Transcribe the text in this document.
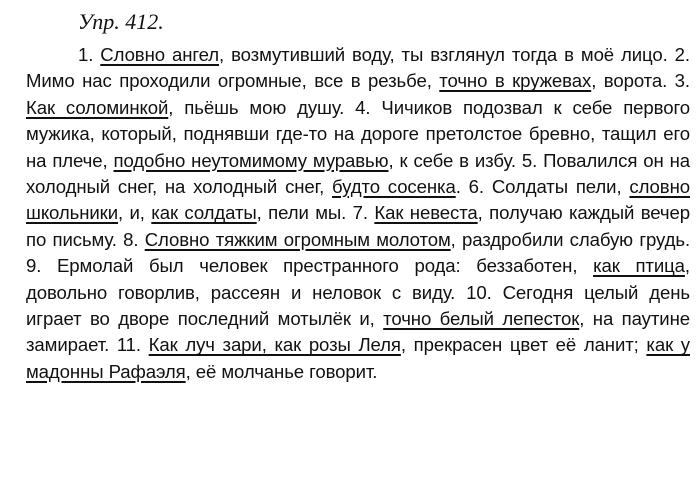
Упр. 412.

1. Словно ангел, возмутивший воду, ты взглянул тогда в моё лицо. 2. Мимо нас проходили огромные, все в резьбе, точно в кружевах, ворота. 3. Как соломинкой, пьёшь мою душу. 4. Чичиков подозвал к себе первого мужика, который, поднявши где-то на дороге претолстое бревно, тащил его на плече, подобно неутомимому муравью, к себе в избу. 5. Повалился он на холодный снег, на холодный снег, будто сосенка. 6. Солдаты пели, словно школьники, и, как солдаты, пели мы. 7. Как невеста, получаю каждый вечер по письму. 8. Словно тяжким огромным молотом, раздробили слабую грудь. 9. Ермолай был человек престранного рода: беззаботен, как птица, довольно говорлив, рассеян и неловок с виду. 10. Сегодня целый день играет во дворе последний мотылёк и, точно белый лепесток, на паутине замирает. 11. Как луч зари, как розы Леля, прекрасен цвет её ланит; как у мадонны Рафаэля, её молчанье говорит.
